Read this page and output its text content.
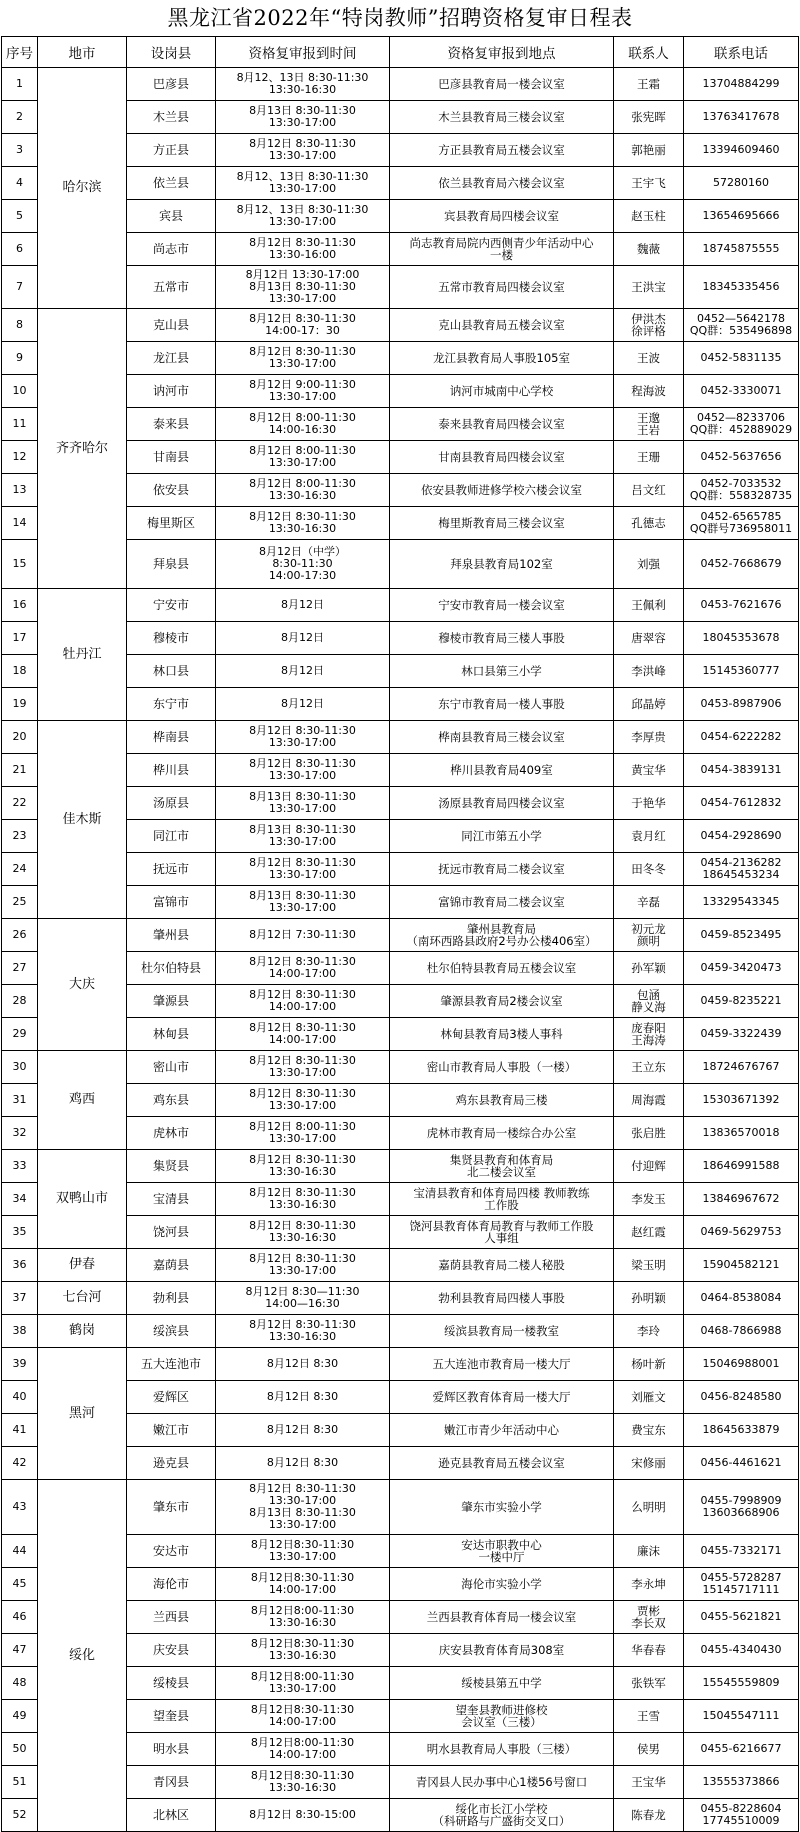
黑龙江省2022年“特岗教师”招聘资格复审日程表
序号	地市	设岗县	资格复审报到时间	资格复审报到地点	联系人	联系电话
1	哈尔滨	巴彦县	8月12、13日 8:30-11:30
13:30-16:30	巴彦县教育局一楼会议室	王霜	13704884299
2		木兰县	8月13日 8:30-11:30
13:30-17:00	木兰县教育局三楼会议室	张宪晖	13763417678
3		方正县	8月12日 8:30-11:30
13:30-17:00	方正县教育局五楼会议室	郭艳丽	13394609460
4		依兰县	8月12、13日 8:30-11:30
13:30-17:00	依兰县教育局六楼会议室	王宇飞	57280160
5		宾县	8月12、13日 8:30-11:30
13:30-17:00	宾县教育局四楼会议室	赵玉柱	13654695666
6		尚志市	8月12日 8:30-11:30
13:30-16:00	尚志教育局院内西侧青少年活动中心
一楼	魏薇	18745875555
7		五常市	8月12日 13:30-17:00
8月13日 8:30-11:30
13:30-17:00	五常市教育局四楼会议室	王洪宝	18345335456
8	齐齐哈尔	克山县	8月12日 8:30-11:30
14:00-17：30	克山县教育局五楼会议室	伊洪杰
徐评格	0452—5642178
QQ群：535496898
9		龙江县	8月12日 8:30-11:30
13:30-17:00	龙江县教育局人事股105室	王波	0452-5831135
10		讷河市	8月12日 9:00-11:30
13:30-17:00	讷河市城南中心学校	程海波	0452-3330071
11		泰来县	8月12日 8:00-11:30
14:00-16:30	泰来县教育局四楼会议室	王邈
王岩	0452—8233706
QQ群：452889029
12		甘南县	8月12日 8:00-11:30
13:30-17:00	甘南县教育局四楼会议室	王珊	0452-5637656
13		依安县	8月12日 8:00-11:30
13:30-16:30	依安县教师进修学校六楼会议室	吕文红	0452-7033532
QQ群：558328735
14		梅里斯区	8月12日 8:30-11:30
13:30-16:30	梅里斯教育局三楼会议室	孔德志	0452-6565785
QQ群号736958011
15		拜泉县	8月12日（中学）
8:30-11:30
14:00-17:30	拜泉县教育局102室	刘强	0452-7668679
16	牡丹江	宁安市	8月12日	宁安市教育局一楼会议室	王佩利	0453-7621676
17		穆棱市	8月12日	穆棱市教育局三楼人事股	唐翠容	18045353678
18		林口县	8月12日	林口县第三小学	李洪峰	15145360777
19		东宁市	8月12日	东宁市教育局一楼人事股	邱晶婷	0453-8987906
20	佳木斯	桦南县	8月12日 8:30-11:30
13:30-17:00	桦南县教育局三楼会议室	李厚贵	0454-6222282
21		桦川县	8月12日 8:30-11:30
13:30-17:00	桦川县教育局409室	黄宝华	0454-3839131
22		汤原县	8月13日 8:30-11:30
13:30-17:00	汤原县教育局四楼会议室	于艳华	0454-7612832
23		同江市	8月13日 8:30-11:30
13:30-17:00	同江市第五小学	袁月红	0454-2928690
24		抚远市	8月12日 8:30-11:30
13:30-17:00	抚远市教育局二楼会议室	田冬冬	0454-2136282
18645453234
25		富锦市	8月13日 8:30-11:30
13:30-17:00	富锦市教育局二楼会议室	辛磊	13329543345
26	大庆	肇州县	8月12日 7:30-11:30	肇州县教育局
（南环西路县政府2号办公楼406室）	初元龙
颜明	0459-8523495
27		杜尔伯特县	8月12日 8:30-11:30
14:00-17:00	杜尔伯特县教育局五楼会议室	孙军颖	0459-3420473
28		肇源县	8月12日 8:30-11:30
14:00-17:00	肇源县教育局2楼会议室	包涵
静义海	0459-8235221
29		林甸县	8月12日 8:30-11:30
14:00-17:00	林甸县教育局3楼人事科	庞春阳
王海涛	0459-3322439
30	鸡西	密山市	8月12日 8:30-11:30
13:30-17:00	密山市教育局人事股（一楼）	王立东	18724676767
31		鸡东县	8月12日 8:30-11:30
13:30-17:00	鸡东县教育局三楼	周海霞	15303671392
32		虎林市	8月12日 8:00-11:30
13:30-17:00	虎林市教育局一楼综合办公室	张启胜	13836570018
33	双鸭山市	集贤县	8月12日 8:30-11:30
13:30-16:30	集贤县教育和体育局
北二楼会议室	付迎辉	18646991588
34		宝清县	8月12日 8:30-11:30
13:30-16:30	宝清县教育和体育局四楼 教师教练
工作股	李发玉	13846967672
35		饶河县	8月12日 8:30-11:30
13:30-16:30	饶河县教育体育局教育与教师工作股
人事组	赵红霞	0469-5629753
36	伊春	嘉荫县	8月12日 8:30-11:30
13:30-17:00	嘉荫县教育局二楼人秘股	梁玉明	15904582121
37	七台河	勃利县	8月12日 8:30—11:30
14:00—16:30	勃利县教育局四楼人事股	孙明颖	0464-8538084
38	鹤岗	绥滨县	8月12日 8:30-11:30
13:30-16:30	绥滨县教育局一楼教室	李玲	0468-7866988
39	黑河	五大连池市	8月12日 8:30	五大连池市教育局一楼大厅	杨叶新	15046988001
40		爱辉区	8月12日 8:30	爱辉区教育体育局一楼大厅	刘雁文	0456-8248580
41		嫩江市	8月12日 8:30	嫩江市青少年活动中心	费宝东	18645633879
42		逊克县	8月12日 8:30	逊克县教育局五楼会议室	宋修丽	0456-4461621
43	绥化	肇东市	8月12日 8:30-11:30
13:30-17:00
8月13日 8:30-11:30
13:30-17:00	肇东市实验小学	么明明	0455-7998909
13603668906
44		安达市	8月12日8:30-11:30
13:30-17:00	安达市职教中心
一楼中厅	廉沫	0455-7332171
45		海伦市	8月12日8:30-11:30
14:00-17:00	海伦市实验小学	李永坤	0455-5728287
15145717111
46		兰西县	8月12日8:00-11:30
13:30-16:30	兰西县教育体育局一楼会议室	贾彬
李长双	0455-5621821
47		庆安县	8月12日8:30-11:30
13:30-16:30	庆安县教育体育局308室	华春春	0455-4340430
48		绥棱县	8月12日8:00-11:30
13:30-17:00	绥棱县第五中学	张铁军	15545559809
49		望奎县	8月12日8:30-11:30
14:00-17:00	望奎县教师进修校
会议室（三楼）	王雪	15045547111
50		明水县	8月12日8:00-11:30
14:00-17:00	明水县教育局人事股（三楼）	侯男	0455-6216677
51		青冈县	8月12日8:30-11:30
13:30-16:30	青冈县人民办事中心1楼56号窗口	王宝华	13555373866
52		北林区	8月12日 8:30-15:00	绥化市长江小学校
（科研路与广盛街交叉口）	陈春龙	0455-8228604
17745510009
